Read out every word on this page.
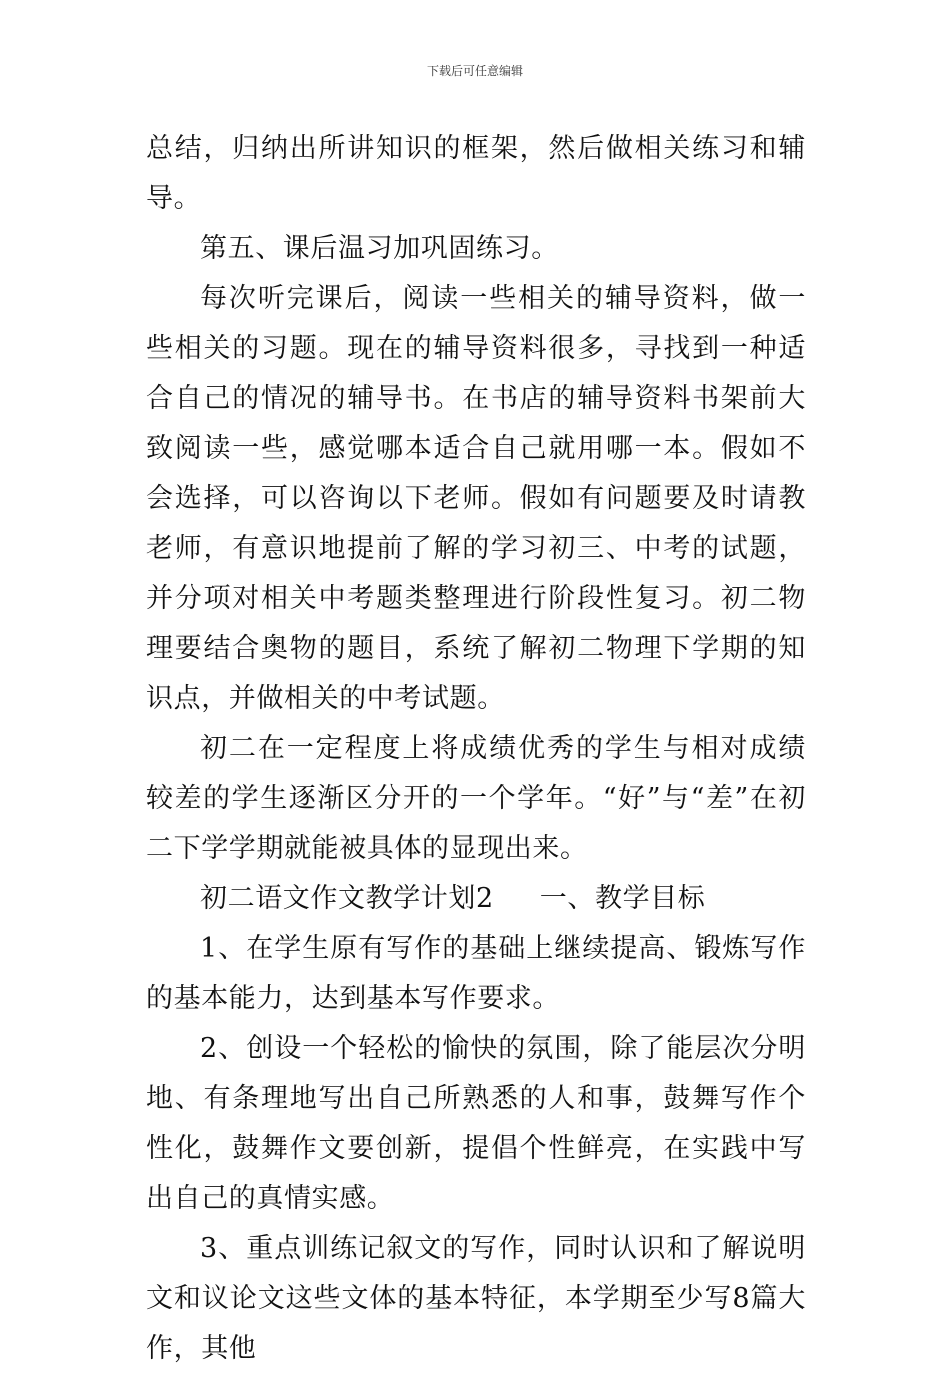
下载后可任意编辑

总结，归纳出所讲知识的框架，然后做相关练习和辅导。

第五、课后温习加巩固练习。

每次听完课后，阅读一些相关的辅导资料，做一些相关的习题。现在的辅导资料很多，寻找到一种适合自己的情况的辅导书。在书店的辅导资料书架前大致阅读一些，感觉哪本适合自己就用哪一本。假如不会选择，可以咨询以下老师。假如有问题要及时请教老师，有意识地提前了解的学习初三、中考的试题，并分项对相关中考题类整理进行阶段性复习。初二物理要结合奥物的题目，系统了解初二物理下学期的知识点，并做相关的中考试题。

初二在一定程度上将成绩优秀的学生与相对成绩较差的学生逐渐区分开的一个学年。“好”与“差”在初二下学学期就能被具体的显现出来。

初二语文作文教学计划2 一、教学目标

1、在学生原有写作的基础上继续提高、锻炼写作的基本能力，达到基本写作要求。

2、创设一个轻松的愉快的氛围，除了能层次分明地、有条理地写出自己所熟悉的人和事，鼓舞写作个性化，鼓舞作文要创新，提倡个性鲜亮，在实践中写出自己的真情实感。

3、重点训练记叙文的写作，同时认识和了解说明文和议论文这些文体的基本特征，本学期至少写8篇大作，其他
